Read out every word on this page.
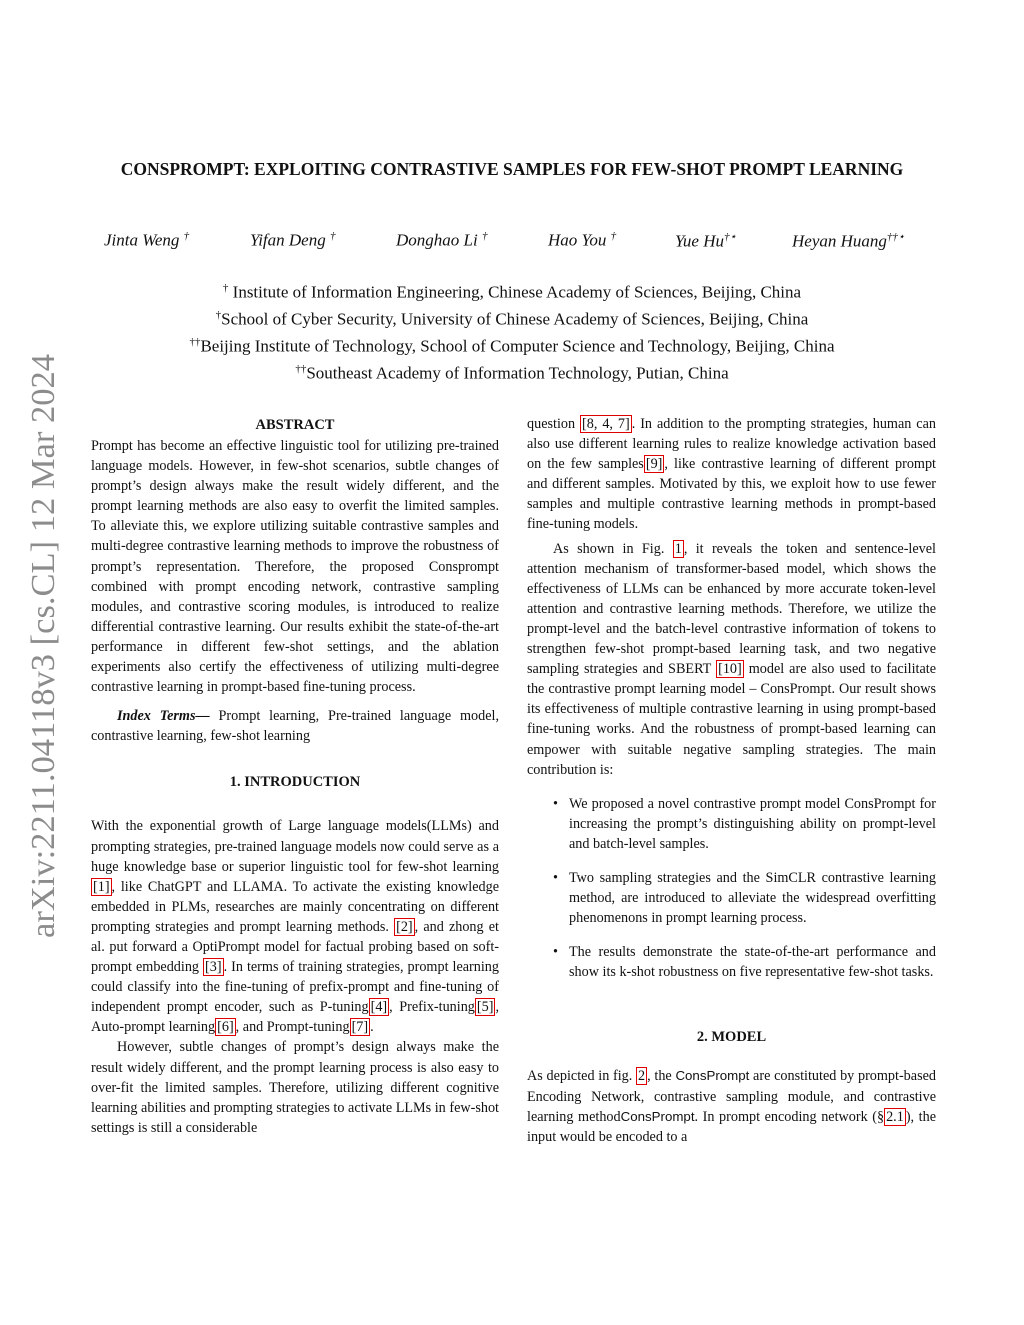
arXiv:2211.04118v3 [cs.CL] 12 Mar 2024
CONSPROMPT: EXPLOITING CONTRASTIVE SAMPLES FOR FEW-SHOT PROMPT LEARNING
Jinta Weng †	Yifan Deng †	Donghao Li †	Hao You †	Yue Hu†⋆	Heyan Huang††⋆
† Institute of Information Engineering, Chinese Academy of Sciences, Beijing, China
†School of Cyber Security, University of Chinese Academy of Sciences, Beijing, China
††Beijing Institute of Technology, School of Computer Science and Technology, Beijing, China
††Southeast Academy of Information Technology, Putian, China

ABSTRACT

Prompt has become an effective linguistic tool for utilizing pre-trained language models. However, in few-shot scenarios, subtle changes of prompt’s design always make the result widely different, and the prompt learning methods are also easy to overfit the limited samples. To alleviate this, we explore utilizing suitable contrastive samples and multi-degree contrastive learning methods to improve the robustness of prompt’s representation. Therefore, the proposed Consprompt combined with prompt encoding network, contrastive sampling modules, and contrastive scoring modules, is introduced to realize differential contrastive learning. Our results exhibit the state-of-the-art performance in different few-shot settings, and the ablation experiments also certify the effectiveness of utilizing multi-degree contrastive learning in prompt-based fine-tuning process.

Index Terms— Prompt learning, Pre-trained language model, contrastive learning, few-shot learning

1. INTRODUCTION

With the exponential growth of Large language models(LLMs) and prompting strategies, pre-trained language models now could serve as a huge knowledge base or superior linguistic tool for few-shot learning [1] , like ChatGPT and LLAMA. To activate the existing knowledge embedded in PLMs, researches are mainly concentrating on different prompting strategies and prompt learning methods. [2] , and zhong et al. put forward a OptiPrompt model for factual probing based on soft-prompt embedding [3] . In terms of training strategies, prompt learning could classify into the fine-tuning of prefix-prompt and fine-tuning of independent prompt encoder, such as P-tuning [4] , Prefix-tuning [5] , Auto-prompt learning [6] , and Prompt-tuning [7] .

However, subtle changes of prompt’s design always make the result widely different, and the prompt learning process is also easy to over-fit the limited samples. Therefore, utilizing different cognitive learning abilities and prompting strategies to activate LLMs in few-shot settings is still a considerable

question [8, 4, 7] . In addition to the prompting strategies, human can also use different learning rules to realize knowledge activation based on the few samples [9] , like contrastive learning of different prompt and different samples. Motivated by this, we exploit how to use fewer samples and multiple contrastive learning methods in prompt-based fine-tuning models.

As shown in Fig. 1 , it reveals the token and sentence-level attention mechanism of transformer-based model, which shows the effectiveness of LLMs can be enhanced by more accurate token-level attention and contrastive learning methods. Therefore, we utilize the prompt-level and the batch-level contrastive information of tokens to strengthen few-shot prompt-based learning task, and two negative sampling strategies and SBERT [10] model are also used to facilitate the contrastive prompt learning model – ConsPrompt. Our result shows its effectiveness of multiple contrastive learning in using prompt-based fine-tuning works. And the robustness of prompt-based learning can empower with suitable negative sampling strategies. The main contribution is:

• We proposed a novel contrastive prompt model ConsPrompt for increasing the prompt’s distinguishing ability on prompt-level and batch-level samples.
• Two sampling strategies and the SimCLR contrastive learning method, are introduced to alleviate the widespread overfitting phenomenons in prompt learning process.
• The results demonstrate the state-of-the-art performance and show its k-shot robustness on five representative few-shot tasks.

2. MODEL

As depicted in fig. 2 , the ConsPrompt are constituted by prompt-based Encoding Network, contrastive sampling module, and contrastive learning methodConsPrompt. In prompt encoding network (§ 2.1 ), the input would be encoded to a
